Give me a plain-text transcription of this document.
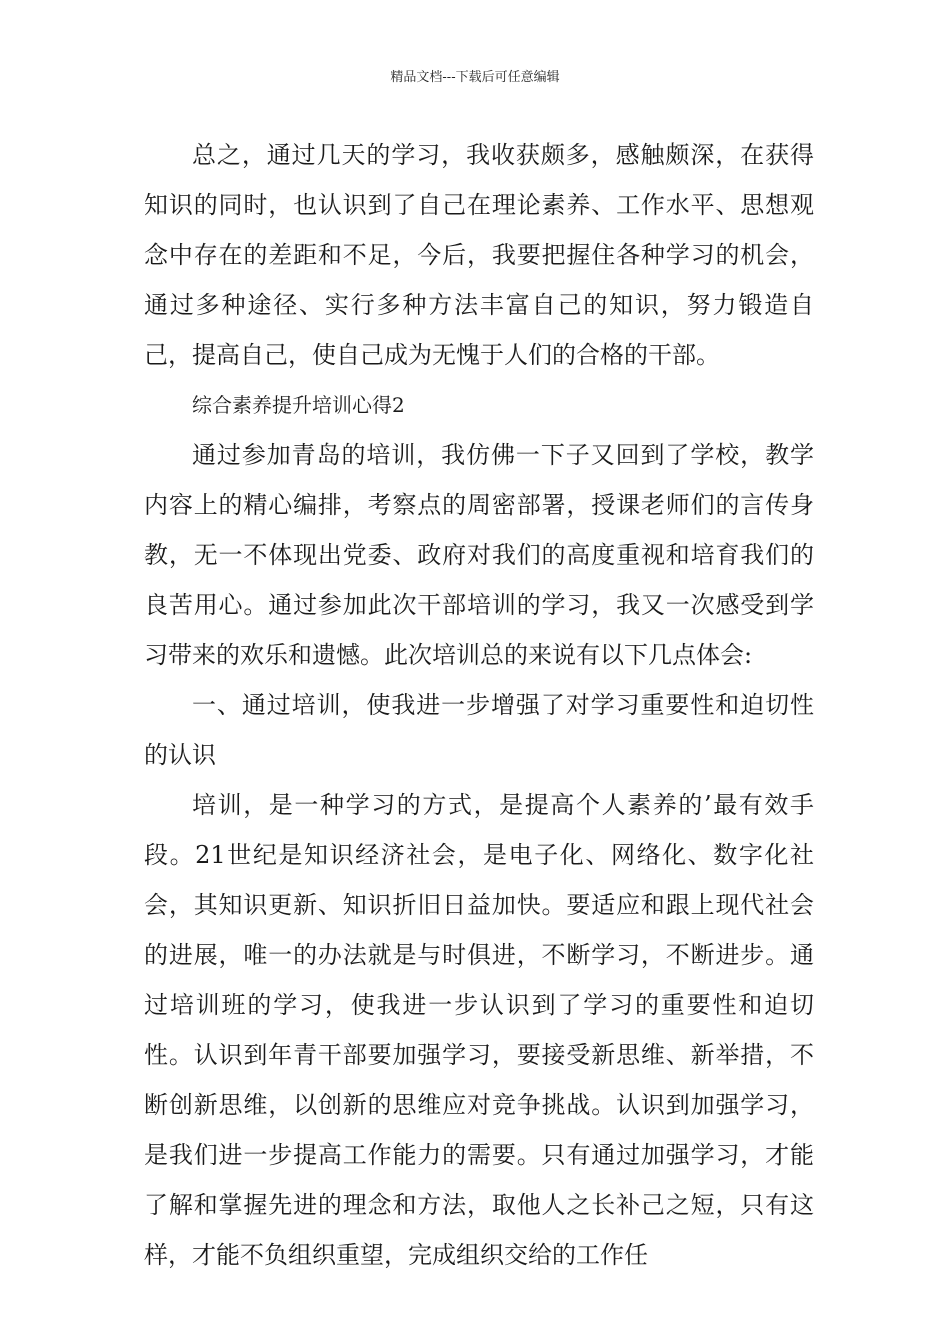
精品文档---下载后可任意编辑

总之，通过几天的学习，我收获颇多，感触颇深，在获得知识的同时，也认识到了自己在理论素养、工作水平、思想观念中存在的差距和不足，今后，我要把握住各种学习的机会，通过多种途径、实行多种方法丰富自己的知识，努力锻造自己，提高自己，使自己成为无愧于人们的合格的干部。

综合素养提升培训心得2

通过参加青岛的培训，我仿佛一下子又回到了学校，教学内容上的精心编排，考察点的周密部署，授课老师们的言传身教，无一不体现出党委、政府对我们的高度重视和培育我们的良苦用心。通过参加此次干部培训的学习，我又一次感受到学习带来的欢乐和遗憾。此次培训总的来说有以下几点体会:

一、通过培训，使我进一步增强了对学习重要性和迫切性的认识

培训，是一种学习的方式，是提高个人素养的’最有效手段。21世纪是知识经济社会，是电子化、网络化、数字化社会，其知识更新、知识折旧日益加快。要适应和跟上现代社会的进展，唯一的办法就是与时俱进，不断学习，不断进步。通过培训班的学习，使我进一步认识到了学习的重要性和迫切性。认识到年青干部要加强学习，要接受新思维、新举措，不断创新思维，以创新的思维应对竞争挑战。认识到加强学习，是我们进一步提高工作能力的需要。只有通过加强学习，才能了解和掌握先进的理念和方法，取他人之长补己之短，只有这样，才能不负组织重望，完成组织交给的工作任
